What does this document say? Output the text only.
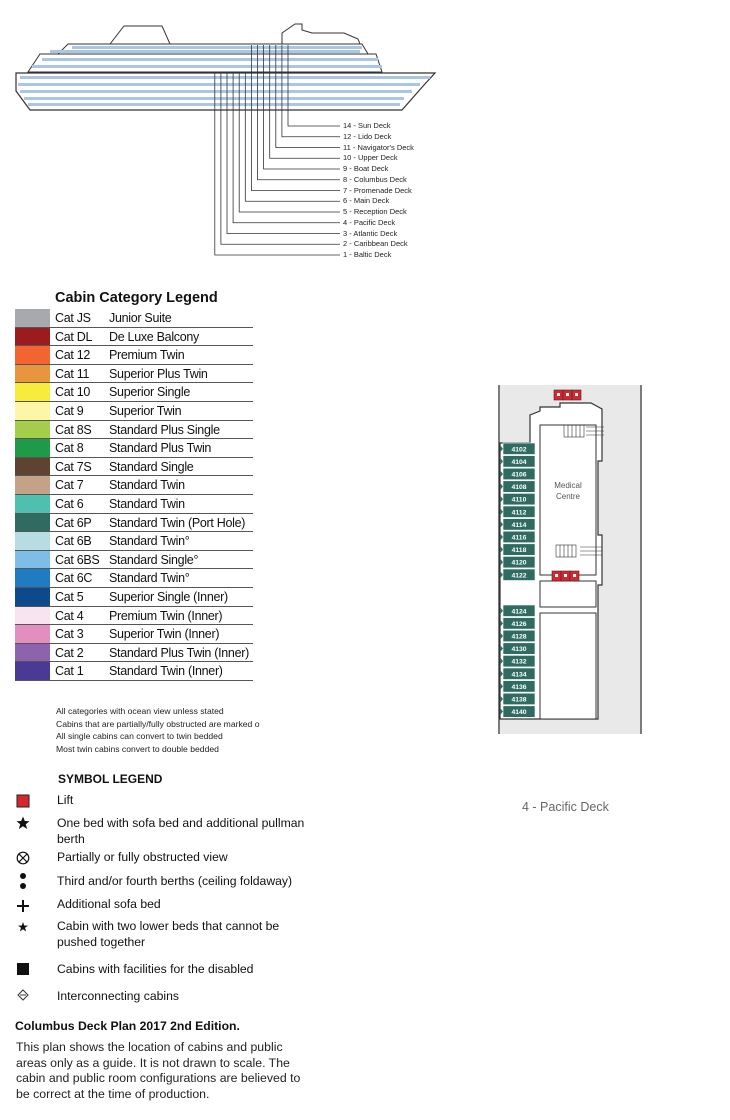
14 - Sun Deck
12 - Lido Deck
11 - Navigator's Deck
10 - Upper Deck
9 - Boat Deck
8 - Columbus Deck
7 - Promenade Deck
6 - Main Deck
5 - Reception Deck
4 - Pacific Deck
3 - Atlantic Deck
2 - Caribbean Deck
1 - Baltic Deck
Cabin Category Legend
Cat JS Junior Suite
Cat DL De Luxe Balcony
Cat 12 Premium Twin
Cat 11 Superior Plus Twin
Cat 10 Superior Single
Cat 9 Superior Twin
Cat 8S Standard Plus Single
Cat 8 Standard Plus Twin
Cat 7S Standard Single
Cat 7 Standard Twin
Cat 6 Standard Twin
Cat 6P Standard Twin (Port Hole)
Cat 6B Standard Twin°
Cat 6BS Standard Single°
Cat 6C Standard Twin°
Cat 5 Superior Single (Inner)
Cat 4 Premium Twin (Inner)
Cat 3 Superior Twin (Inner)
Cat 2 Standard Plus Twin (Inner)
Cat 1 Standard Twin (Inner)
All categories with ocean view unless stated
Cabins that are partially/fully obstructed are marked o
All single cabins can convert to twin bedded
Most twin cabins convert to double bedded
SYMBOL LEGEND
Lift
One bed with sofa bed and additional pullman berth
Partially or fully obstructed view
Third and/or fourth berths (ceiling foldaway)
Additional sofa bed
Cabin with two lower beds that cannot be pushed together
Cabins with facilities for the disabled
Interconnecting cabins
Columbus Deck Plan 2017 2nd Edition.
This plan shows the location of cabins and public areas only as a guide. It is not drawn to scale. The cabin and public room configurations are believed to be correct at the time of production.
Medical
Centre
4102
4104
4106
4108
4110
4112
4114
4116
4118
4120
4122
4124
4126
4128
4130
4132
4134
4136
4138
4140
4 - Pacific Deck
